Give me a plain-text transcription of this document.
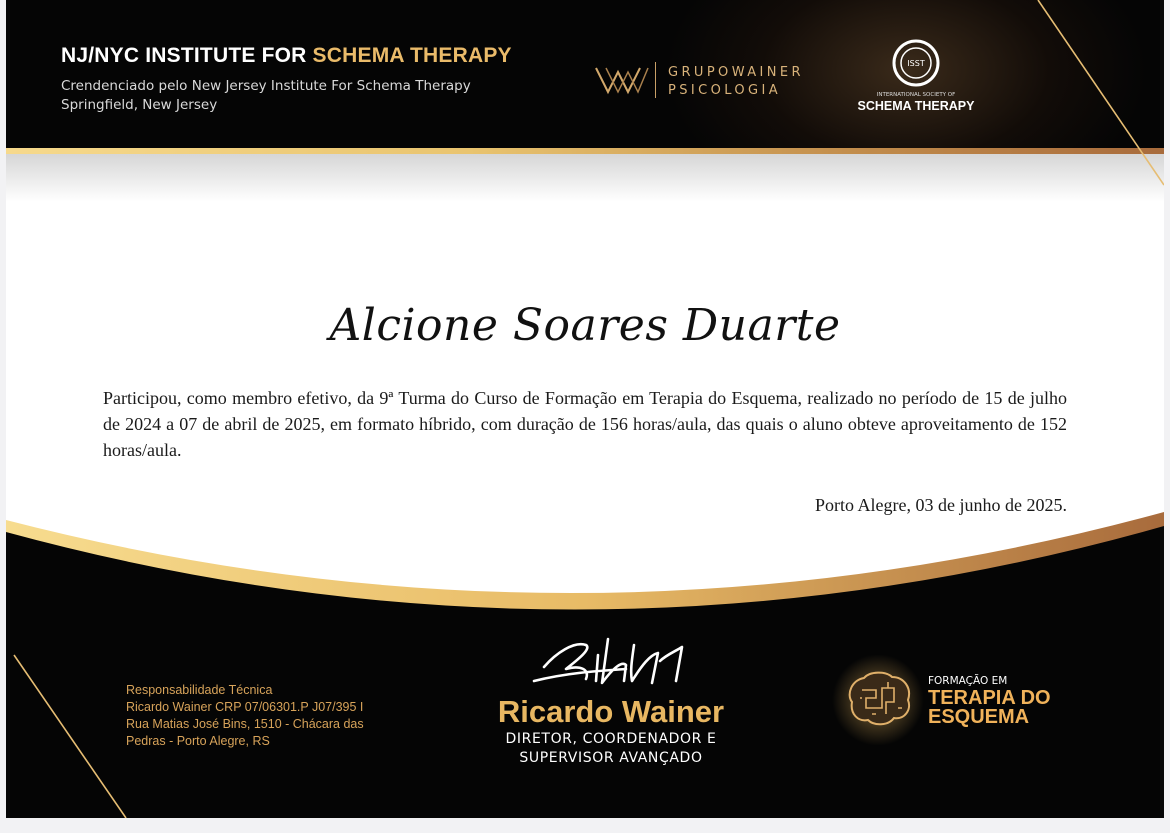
NJ/NYC INSTITUTE FOR SCHEMA THERAPY
Crendenciado pelo New Jersey Institute For Schema Therapy
Springfield, New Jersey
GRUPOWAINER
PSICOLOGIA
ISST
INTERNATIONAL SOCIETY OF
SCHEMA THERAPY
Alcione Soares Duarte

Participou, como membro efetivo, da 9ª Turma do Curso de Formação em Terapia do Esquema, realizado no período de 15 de julho de 2024 a 07 de abril de 2025, em formato híbrido, com duração de 156 horas/aula, das quais o aluno obteve aproveitamento de 152 horas/aula.

Porto Alegre, 03 de junho de 2025.
Responsabilidade Técnica
Ricardo Wainer CRP 07/06301.P J07/395 I
Rua Matias José Bins, 1510 - Chácara das
Pedras - Porto Alegre, RS
Ricardo Wainer
DIRETOR, COORDENADOR E
SUPERVISOR AVANÇADO
FORMAÇÃO EM
TERAPIA DO
ESQUEMA
